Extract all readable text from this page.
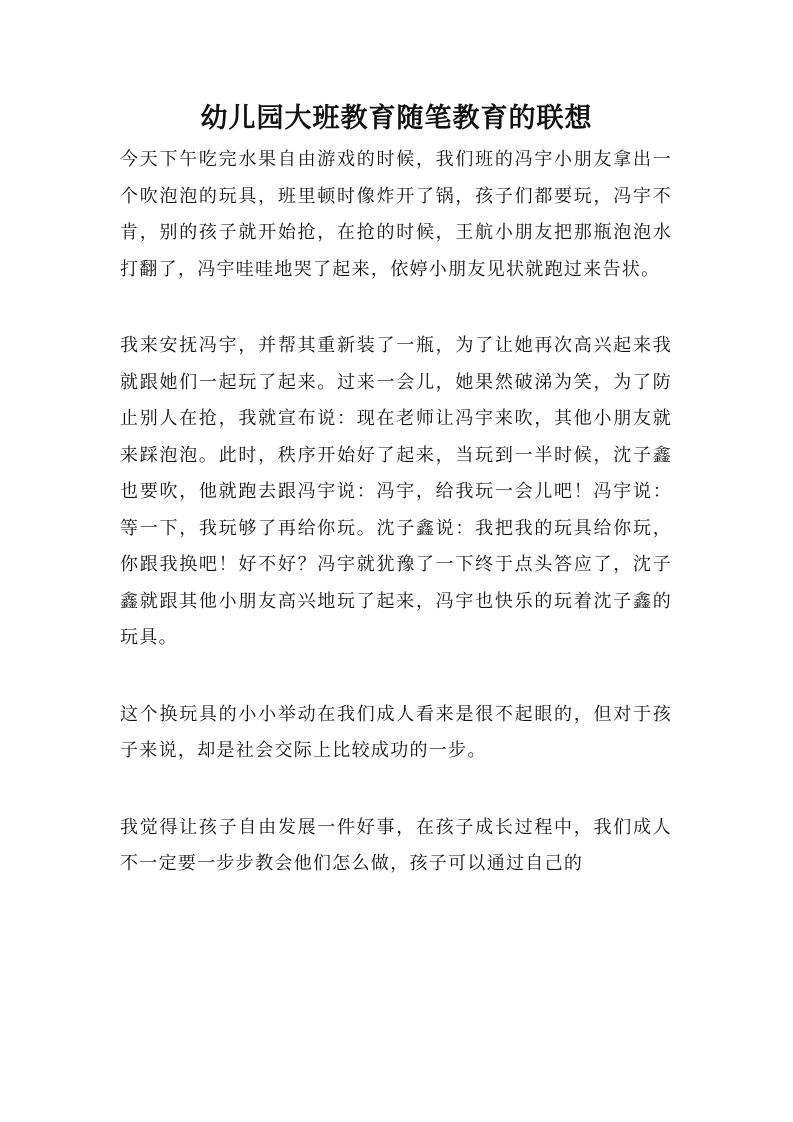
幼儿园大班教育随笔教育的联想

今天下午吃完水果自由游戏的时候，我们班的冯宇小朋友拿出一个吹泡泡的玩具，班里顿时像炸开了锅，孩子们都要玩，冯宇不肯，别的孩子就开始抢，在抢的时候，王航小朋友把那瓶泡泡水打翻了，冯宇哇哇地哭了起来，依婷小朋友见状就跑过来告状。

我来安抚冯宇，并帮其重新装了一瓶，为了让她再次高兴起来我就跟她们一起玩了起来。过来一会儿，她果然破涕为笑，为了防止别人在抢，我就宣布说：现在老师让冯宇来吹，其他小朋友就来踩泡泡。此时，秩序开始好了起来，当玩到一半时候，沈子鑫也要吹，他就跑去跟冯宇说：冯宇，给我玩一会儿吧！冯宇说：等一下，我玩够了再给你玩。沈子鑫说：我把我的玩具给你玩，你跟我换吧！好不好？冯宇就犹豫了一下终于点头答应了，沈子鑫就跟其他小朋友高兴地玩了起来，冯宇也快乐的玩着沈子鑫的玩具。

这个换玩具的小小举动在我们成人看来是很不起眼的，但对于孩子来说，却是社会交际上比较成功的一步。

我觉得让孩子自由发展一件好事，在孩子成长过程中，我们成人不一定要一步步教会他们怎么做，孩子可以通过自己的
